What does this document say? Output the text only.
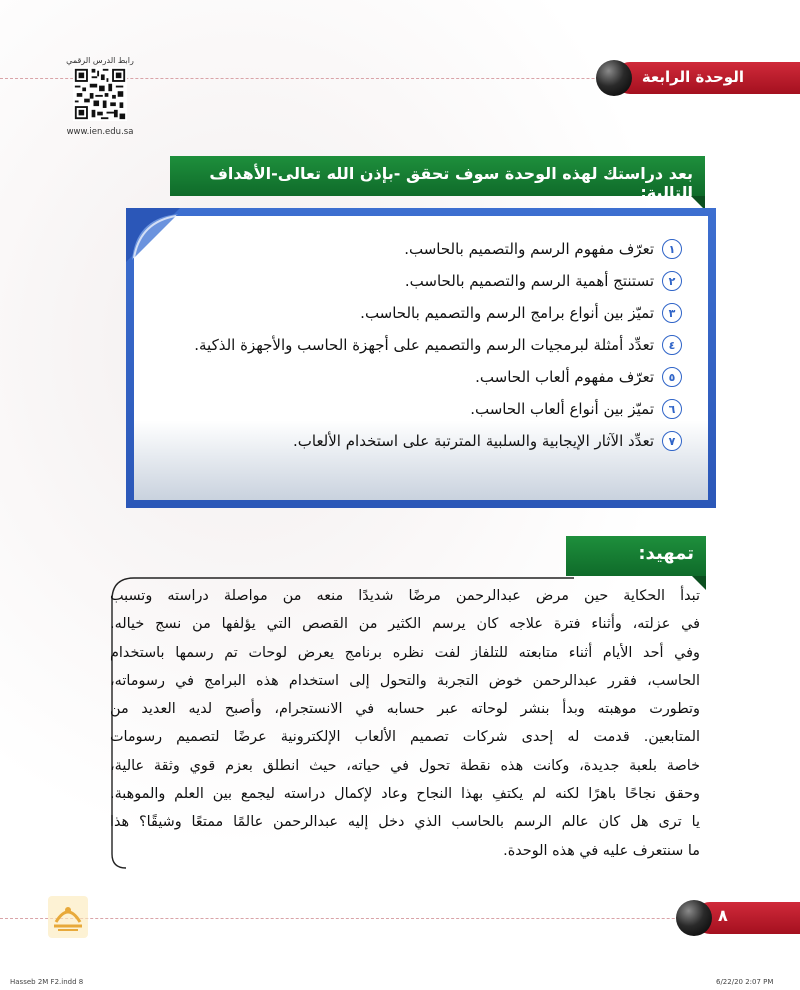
الوحدة الرابعة
رابط الدرس الرقمي
www.ien.edu.sa
بعد دراستك لهذه الوحدة سوف تحقق -بإذن الله تعالى-الأهداف التالية:
١
تعرّف مفهوم الرسم والتصميم بالحاسب.
٢
تستنتج أهمية الرسم والتصميم بالحاسب.
٣
تميّز بين أنواع برامج الرسم والتصميم بالحاسب.
٤
تعدِّد أمثلة لبرمجيات الرسم والتصميم على أجهزة الحاسب والأجهزة الذكية.
٥
تعرّف مفهوم ألعاب الحاسب.
٦
تميّز بين أنواع ألعاب الحاسب.
٧
تعدِّد الآثار الإيجابية والسلبية المترتبة على استخدام الألعاب.
تمهيد:

تبدأ الحكاية حين مرض عبدالرحمن مرضًا شديدًا منعه من مواصلة دراسته وتسبب

في عزلته، وأثناء فترة علاجه كان يرسم الكثير من القصص التي يؤلفها من نسج خياله.

وفي أحد الأيام أثناء متابعته للتلفاز لفت نظره برنامج يعرض لوحات تم رسمها باستخدام

الحاسب، فقرر عبدالرحمن خوض التجربة والتحول إلى استخدام هذه البرامج في رسوماته،

وتطورت موهبته وبدأ بنشر لوحاته عبر حسابه في الانستجرام، وأصبح لديه العديد من

المتابعين. قدمت له إحدى شركات تصميم الألعاب الإلكترونية عرضًا لتصميم رسومات

خاصة بلعبة جديدة، وكانت هذه نقطة تحول في حياته، حيث انطلق بعزم قوي وثقة عالية،

وحقق نجاحًا باهرًا لكنه لم يكتفِ بهذا النجاح وعاد لإكمال دراسته ليجمع بين العلم والموهبة.

يا ترى هل كان عالم الرسم بالحاسب الذي دخل إليه عبدالرحمن عالمًا ممتعًا وشيقًا؟ هذا

ما سنتعرف عليه في هذه الوحدة.

٨
Hasseb 2M F2.indd 8	6/22/20 2:07 PM
